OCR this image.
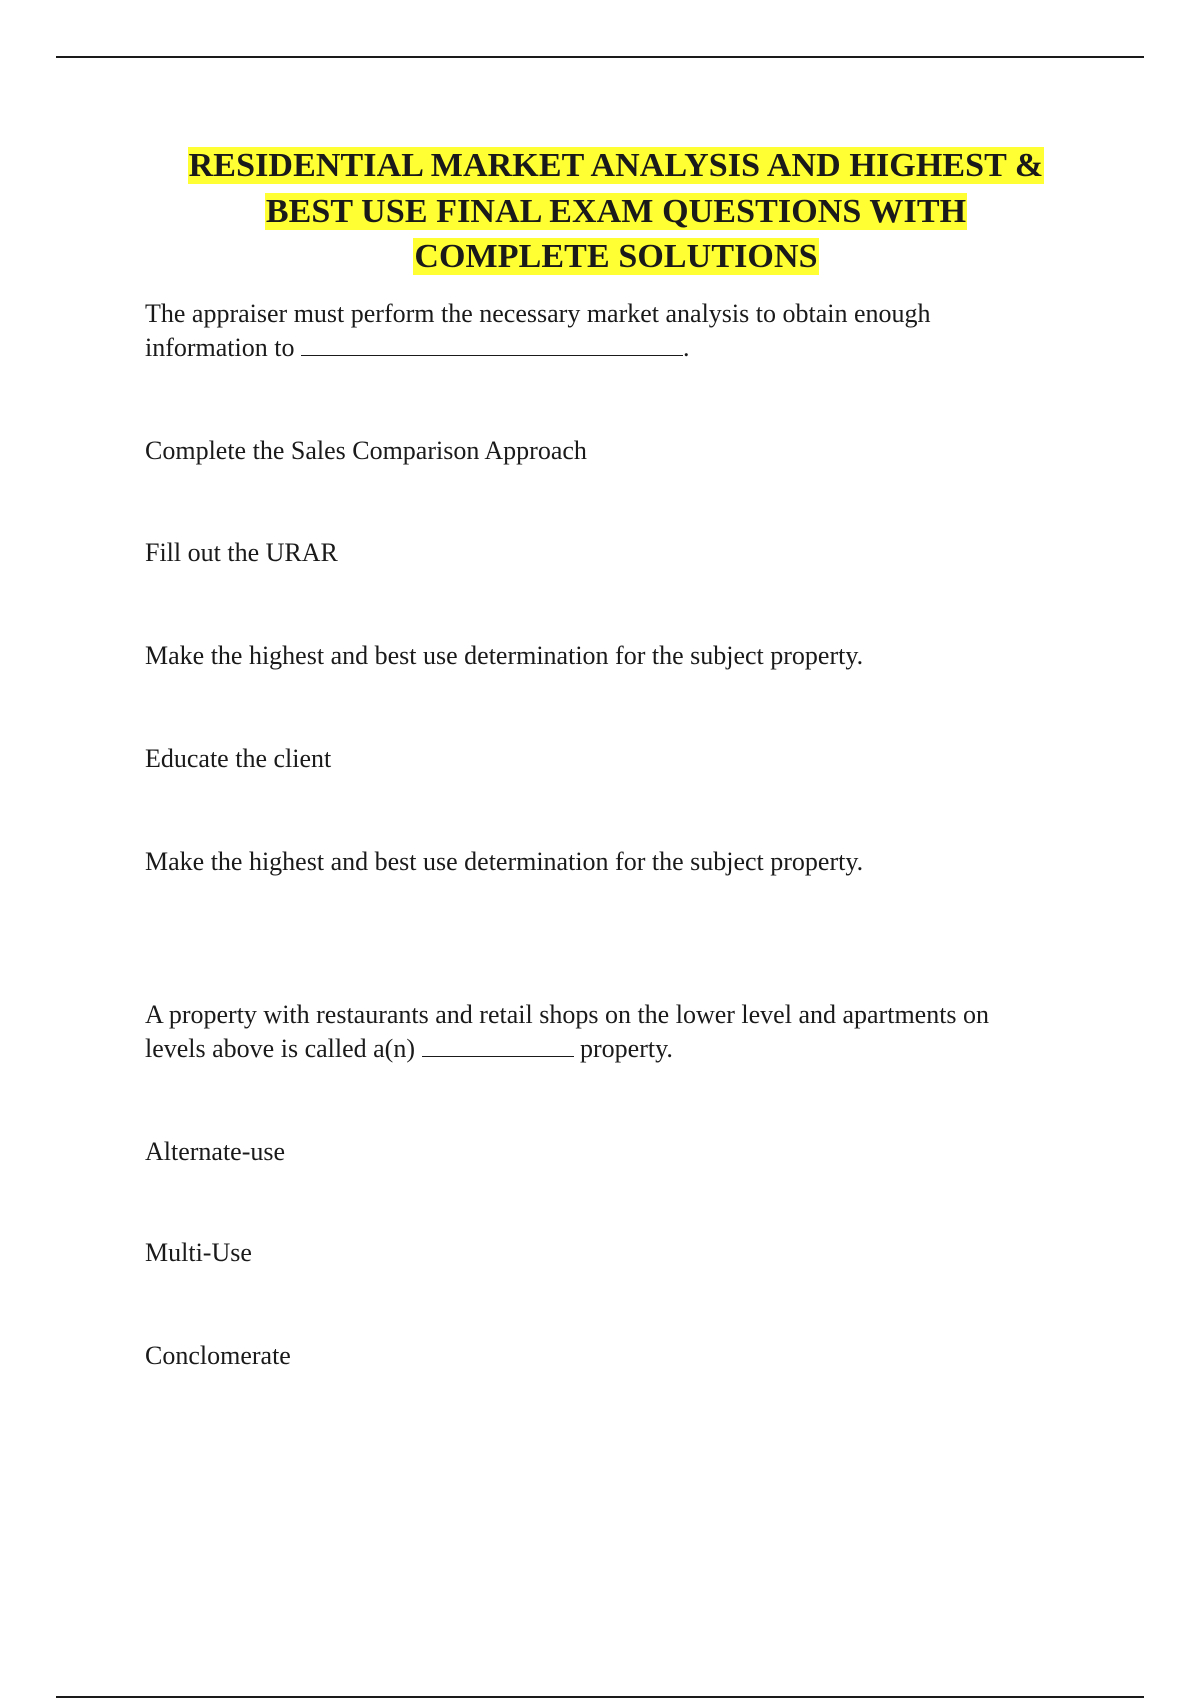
RESIDENTIAL MARKET ANALYSIS AND HIGHEST &
BEST USE FINAL EXAM QUESTIONS WITH
COMPLETE SOLUTIONS

The appraiser must perform the necessary market analysis to obtain enough

information to	.

Complete the Sales Comparison Approach

Fill out the URAR

Make the highest and best use determination for the subject property.

Educate the client

Make the highest and best use determination for the subject property.

A property with restaurants and retail shops on the lower level and apartments on

levels above is called a(n)	property.

Alternate-use

Multi-Use

Conclomerate
